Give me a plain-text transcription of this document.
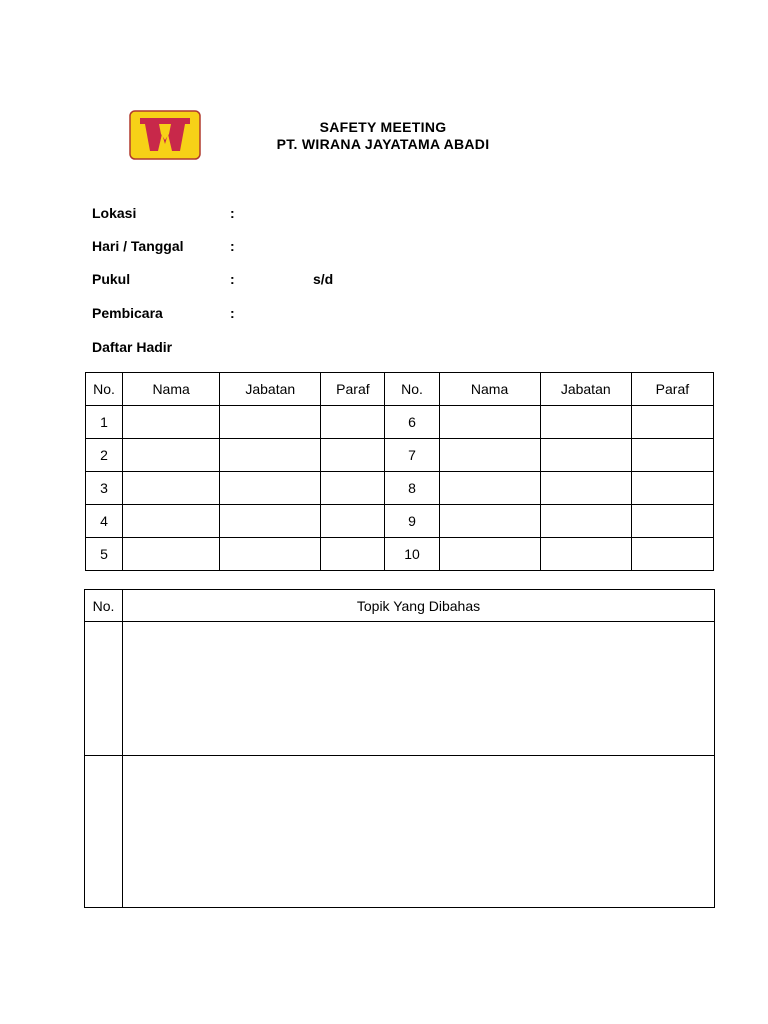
SAFETY MEETING
PT. WIRANA JAYATAMA ABADI
Lokasi	:
Hari / Tanggal	:
Pukul	:	s/d
Pembicara	:
Daftar Hadir
No.	Nama	Jabatan	Paraf	No.	Nama	Jabatan	Paraf
1				6			
2				7			
3				8			
4				9			
5				10			
No.	Topik Yang Dibahas
